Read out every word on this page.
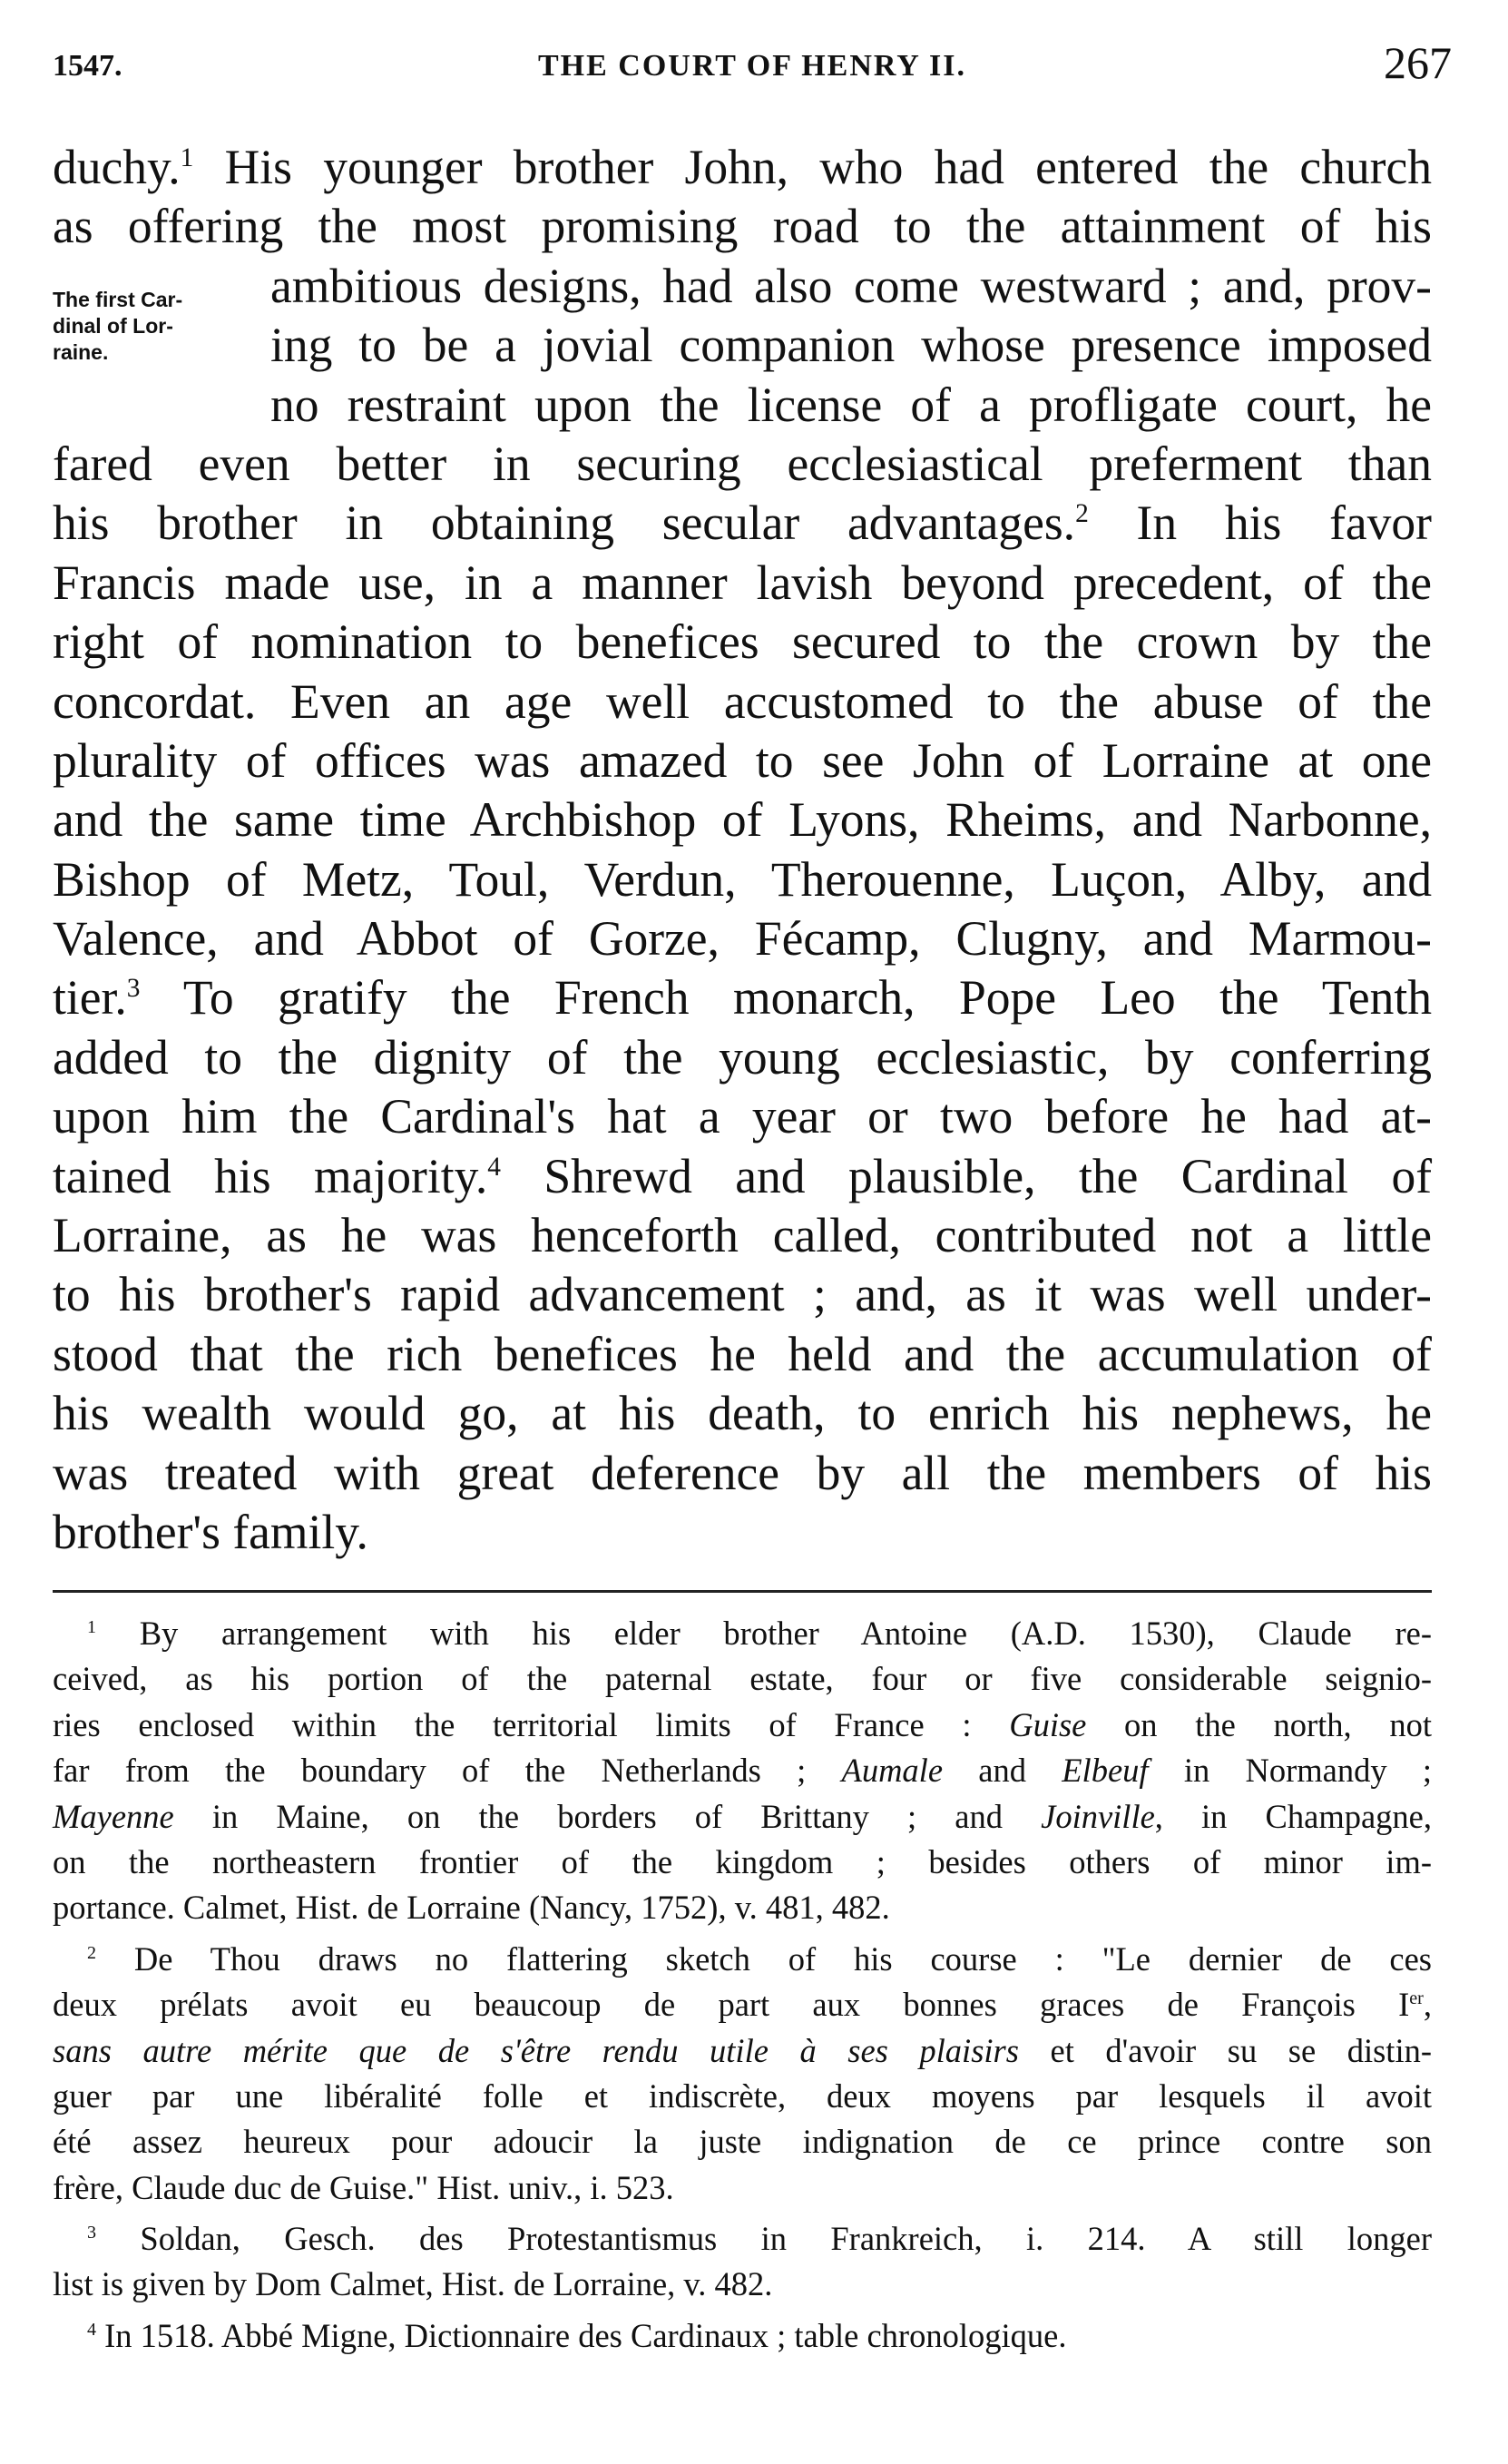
1547.	THE COURT OF HENRY II.	267
The first Car-
dinal of Lor-
raine.
duchy.$^1$ His younger brother John, who had entered the church
as offering the most promising road to the attainment of his
ambitious designs, had also come westward ; and, prov-
ing to be a jovial companion whose presence imposed
no restraint upon the license of a profligate court, he
fared even better in securing ecclesiastical preferment than
his brother in obtaining secular advantages.$^2$ In his favor
Francis made use, in a manner lavish beyond precedent, of the
right of nomination to benefices secured to the crown by the
concordat. Even an age well accustomed to the abuse of the
plurality of offices was amazed to see John of Lorraine at one
and the same time Archbishop of Lyons, Rheims, and Narbonne,
Bishop of Metz, Toul, Verdun, Therouenne, Luçon, Alby, and
Valence, and Abbot of Gorze, Fécamp, Clugny, and Marmou-
tier.$^3$ To gratify the French monarch, Pope Leo the Tenth
added to the dignity of the young ecclesiastic, by conferring
upon him the Cardinal's hat a year or two before he had at-
tained his majority.$^4$ Shrewd and plausible, the Cardinal of
Lorraine, as he was henceforth called, contributed not a little
to his brother's rapid advancement ; and, as it was well under-
stood that the rich benefices he held and the accumulation of
his wealth would go, at his death, to enrich his nephews, he
was treated with great deference by all the members of his
brother's family.
$^1$ By arrangement with his elder brother Antoine (A.D. 1530), Claude re-
ceived, as his portion of the paternal estate, four or five considerable seignio-
ries enclosed within the territorial limits of France : Guise on the north, not
far from the boundary of the Netherlands ; Aumale and Elbeuf in Normandy ;
Mayenne in Maine, on the borders of Brittany ; and Joinville, in Champagne,
on the northeastern frontier of the kingdom ; besides others of minor im-
portance. Calmet, Hist. de Lorraine (Nancy, 1752), v. 481, 482.
$^2$ De Thou draws no flattering sketch of his course : "Le dernier de ces
deux prélats avoit eu beaucoup de part aux bonnes graces de François Ier,
sans autre mérite que de s'être rendu utile à ses plaisirs et d'avoir su se distin-
guer par une libéralité folle et indiscrète, deux moyens par lesquels il avoit
été assez heureux pour adoucir la juste indignation de ce prince contre son
frère, Claude duc de Guise." Hist. univ., i. 523.
$^3$ Soldan, Gesch. des Protestantismus in Frankreich, i. 214. A still longer
list is given by Dom Calmet, Hist. de Lorraine, v. 482.
$^4$ In 1518. Abbé Migne, Dictionnaire des Cardinaux ; table chronologique.
